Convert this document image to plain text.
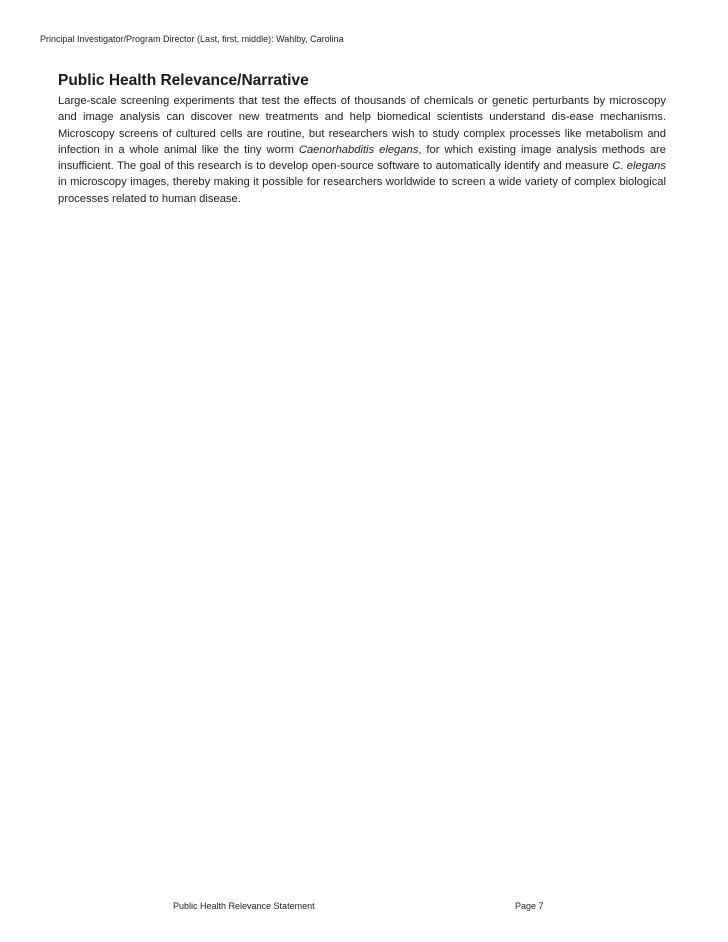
Principal Investigator/Program Director (Last, first, middle): Wahlby, Carolina
Public Health Relevance/Narrative

Large-scale screening experiments that test the effects of thousands of chemicals or genetic perturbants by microscopy and image analysis can discover new treatments and help biomedical scientists understand dis-ease mechanisms. Microscopy screens of cultured cells are routine, but researchers wish to study complex processes like metabolism and infection in a whole animal like the tiny worm Caenorhabditis elegans, for which existing image analysis methods are insufficient. The goal of this research is to develop open-source software to automatically identify and measure C. elegans in microscopy images, thereby making it possible for researchers worldwide to screen a wide variety of complex biological processes related to human disease.

Public Health Relevance Statement	Page 7
